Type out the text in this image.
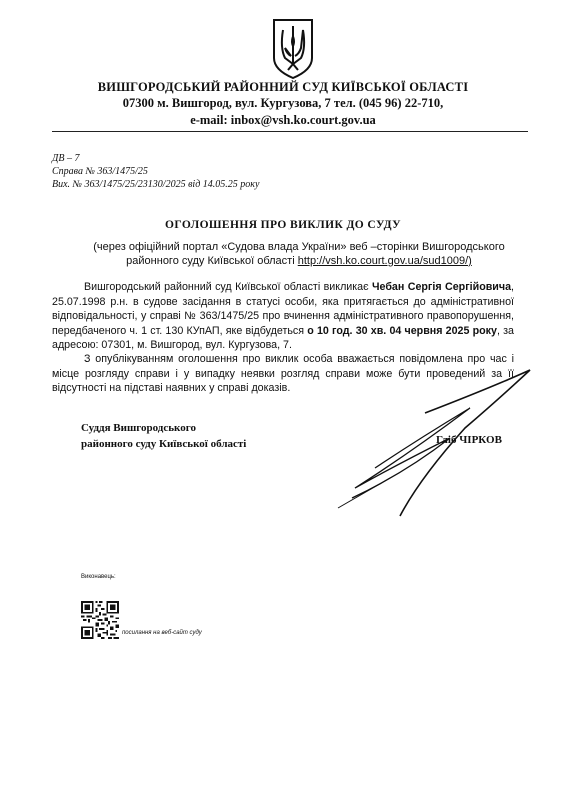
ВИШГОРОДСЬКИЙ РАЙОННИЙ СУД КИЇВСЬКОЇ ОБЛАСТІ
07300 м. Вишгород, вул. Кургузова, 7 тел. (045 96) 22-710,
e-mail: inbox@vsh.ko.court.gov.ua
ДВ – 7
Справа № 363/1475/25
Вих. № 363/1475/25/23130/2025 від 14.05.25 року
ОГОЛОШЕННЯ ПРО ВИКЛИК ДО СУДУ
(через офіційний портал «Судова влада України» веб –сторінки Вишгородського районного суду Київської області http://vsh.ko.court.gov.ua/sud1009/)

Вишгородський районний суд Київської області викликає Чебан Сергія Сергійовича, 25.07.1998 р.н. в судове засідання в статусі особи, яка притягається до адміністративної відповідальності, у справі № 363/1475/25 про вчинення адміністративного правопорушення, передбаченого ч. 1 ст. 130 КУпАП, яке відбудеться о 10 год. 30 хв. 04 червня 2025 року, за адресою: 07301, м. Вишгород, вул. Кургузова, 7.

З опублікуванням оголошення про виклик особа вважається повідомлена про час і місце розгляду справи і у випадку неявки розгляд справи може бути проведений за її відсутності на підставі наявних у справі доказів.

Суддя Вишгородського
районного суду Київської області	Гліб ЧІРКОВ
Виконавець:
посилання на веб-сайт суду
